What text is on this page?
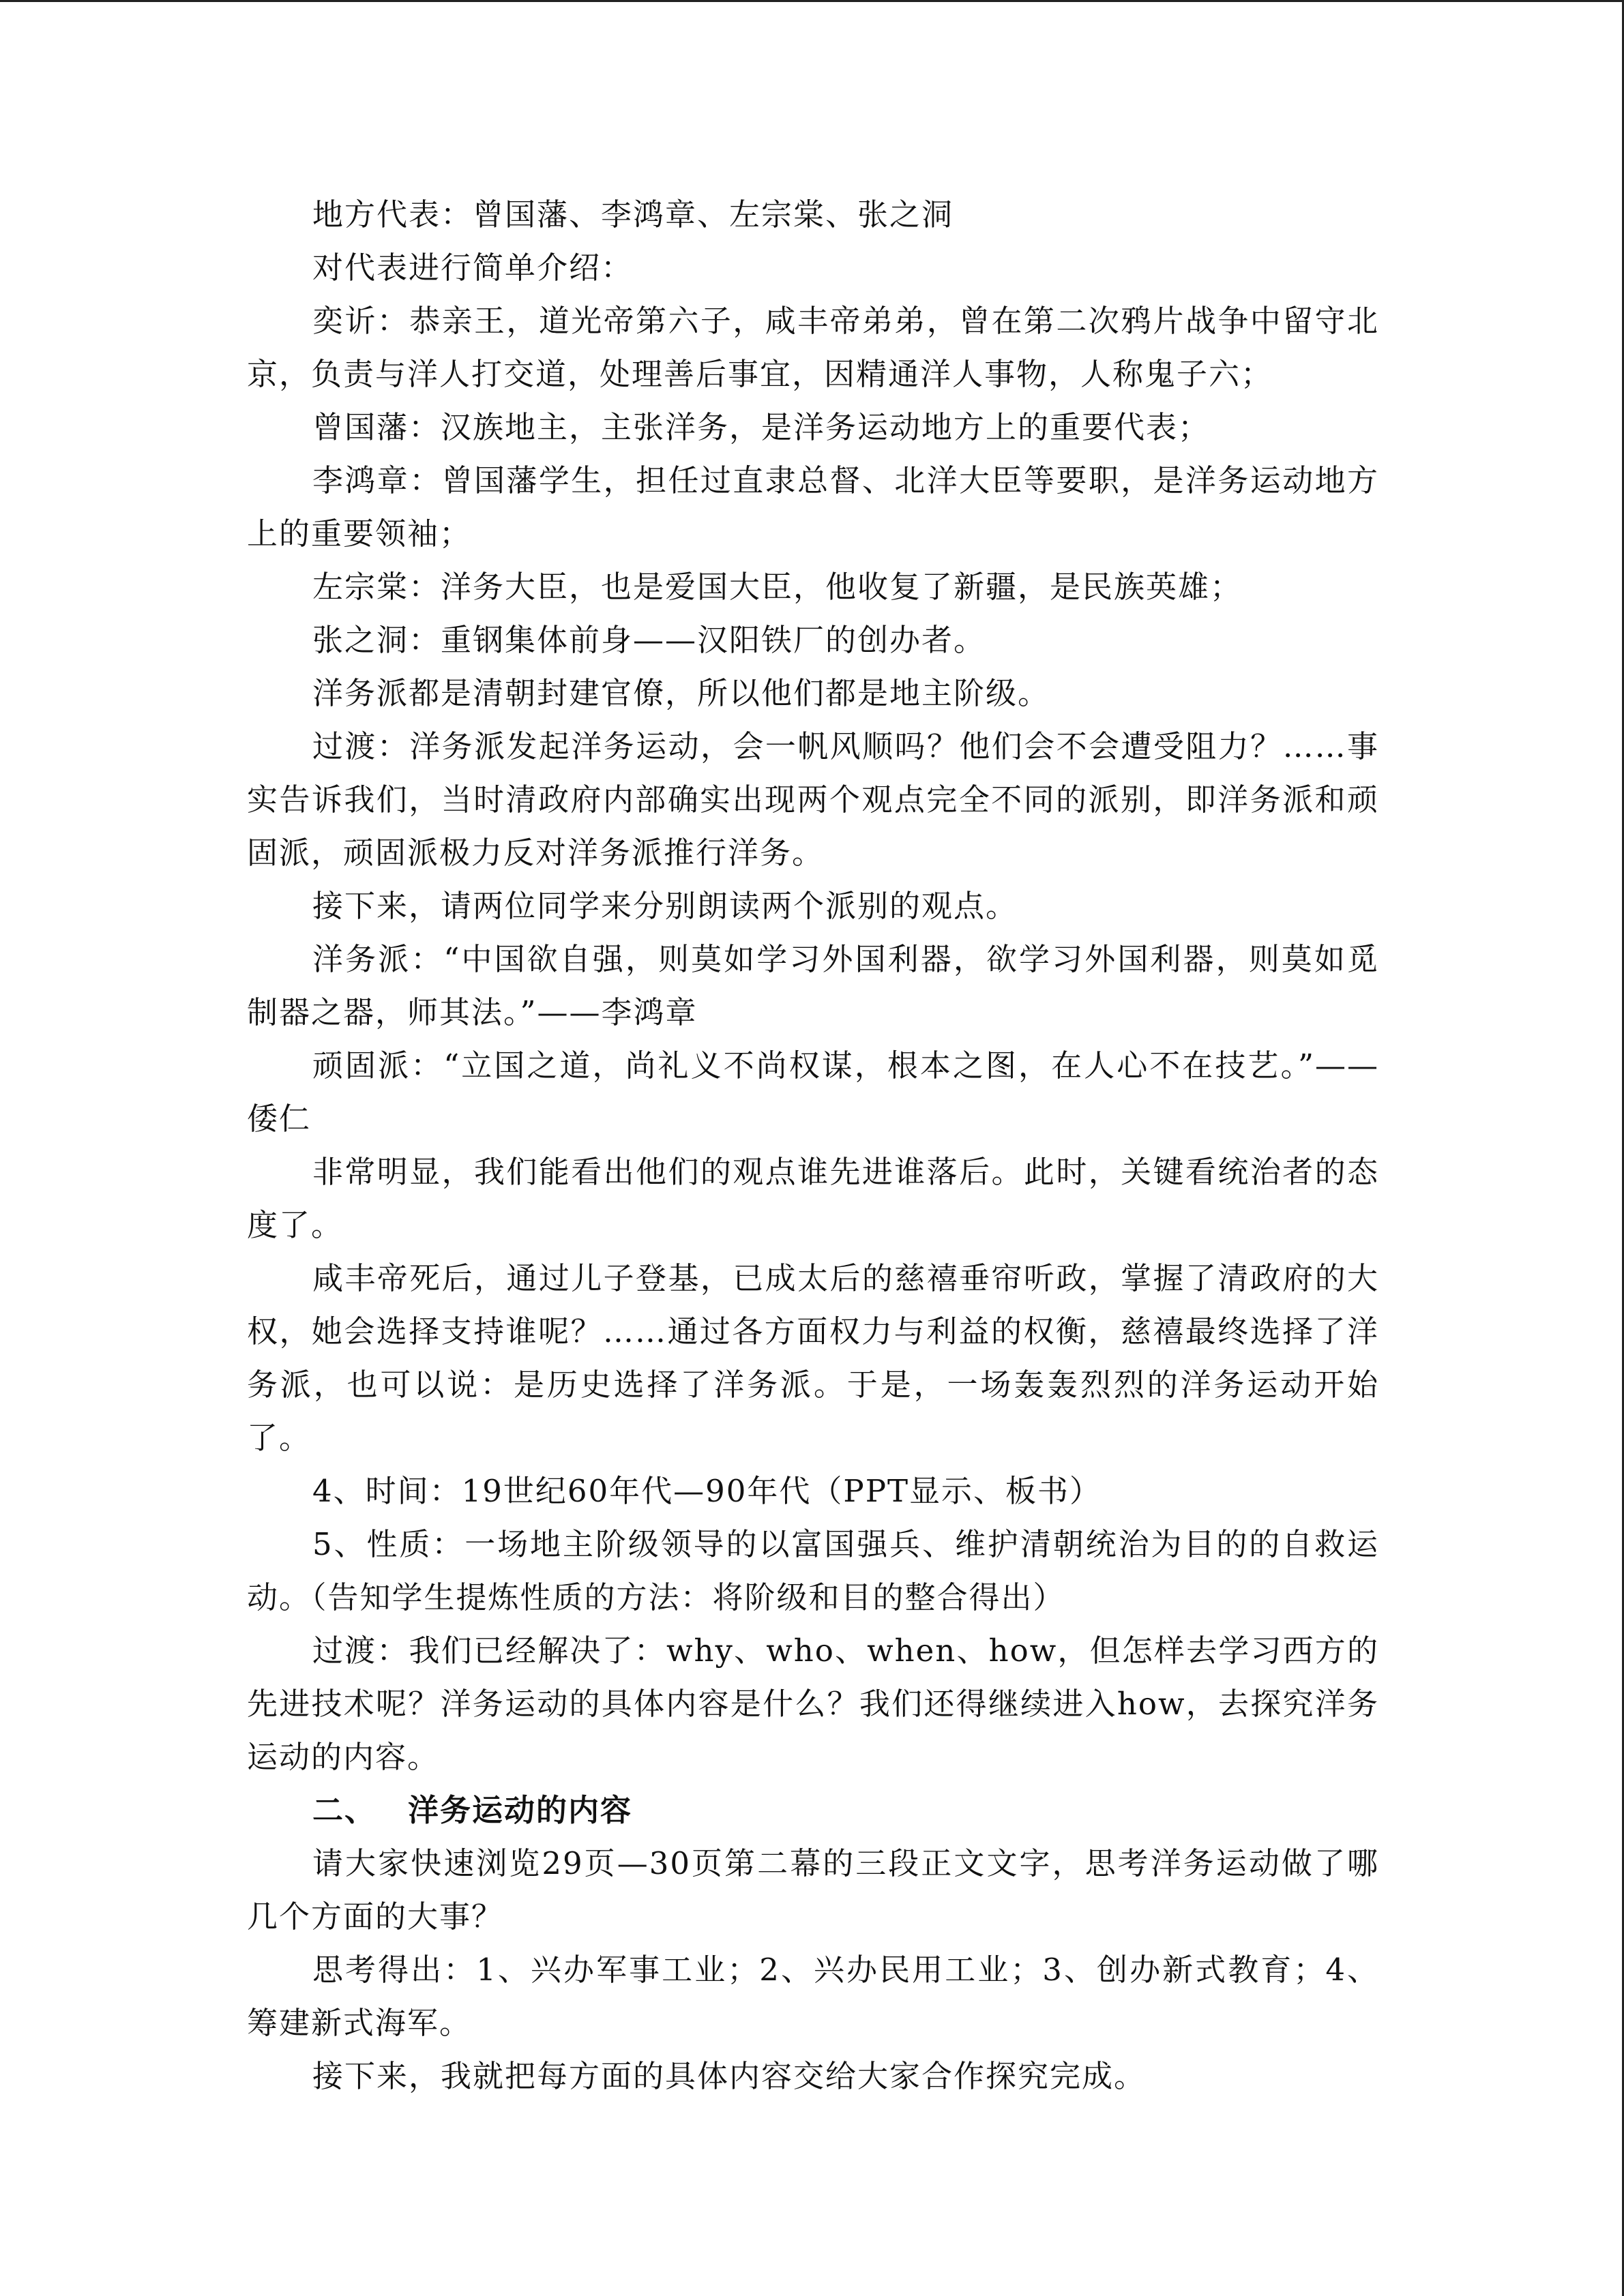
地方代表：曾国藩、李鸿章、左宗棠、张之洞

对代表进行简单介绍：

奕䜣：恭亲王，道光帝第六子，咸丰帝弟弟，曾在第二次鸦片战争中留守北京，负责与洋人打交道，处理善后事宜，因精通洋人事物，人称鬼子六；

曾国藩：汉族地主，主张洋务，是洋务运动地方上的重要代表；

李鸿章：曾国藩学生，担任过直隶总督、北洋大臣等要职，是洋务运动地方上的重要领袖；

左宗棠：洋务大臣，也是爱国大臣，他收复了新疆，是民族英雄；

张之洞：重钢集体前身——汉阳铁厂的创办者。

洋务派都是清朝封建官僚，所以他们都是地主阶级。

过渡：洋务派发起洋务运动，会一帆风顺吗？他们会不会遭受阻力？……事实告诉我们，当时清政府内部确实出现两个观点完全不同的派别，即洋务派和顽固派，顽固派极力反对洋务派推行洋务。

接下来，请两位同学来分别朗读两个派别的观点。

洋务派：“中国欲自强，则莫如学习外国利器，欲学习外国利器，则莫如觅制器之器，师其法。”——李鸿章

顽固派：“立国之道，尚礼义不尚权谋，根本之图，在人心不在技艺。”——倭仁

非常明显，我们能看出他们的观点谁先进谁落后。此时，关键看统治者的态度了。

咸丰帝死后，通过儿子登基，已成太后的慈禧垂帘听政，掌握了清政府的大权，她会选择支持谁呢？……通过各方面权力与利益的权衡，慈禧最终选择了洋务派，也可以说：是历史选择了洋务派。于是，一场轰轰烈烈的洋务运动开始了。

4、时间：19世纪60年代—90年代（PPT显示、板书）

5、性质：一场地主阶级领导的以富国强兵、维护清朝统治为目的的自救运动。（告知学生提炼性质的方法：将阶级和目的整合得出）

过渡：我们已经解决了：why、who、when、how，但怎样去学习西方的先进技术呢？洋务运动的具体内容是什么？我们还得继续进入how，去探究洋务运动的内容。

二、 洋务运动的内容

请大家快速浏览29页—30页第二幕的三段正文文字，思考洋务运动做了哪几个方面的大事？

思考得出：1、兴办军事工业；2、兴办民用工业；3、创办新式教育；4、筹建新式海军。

接下来，我就把每方面的具体内容交给大家合作探究完成。
